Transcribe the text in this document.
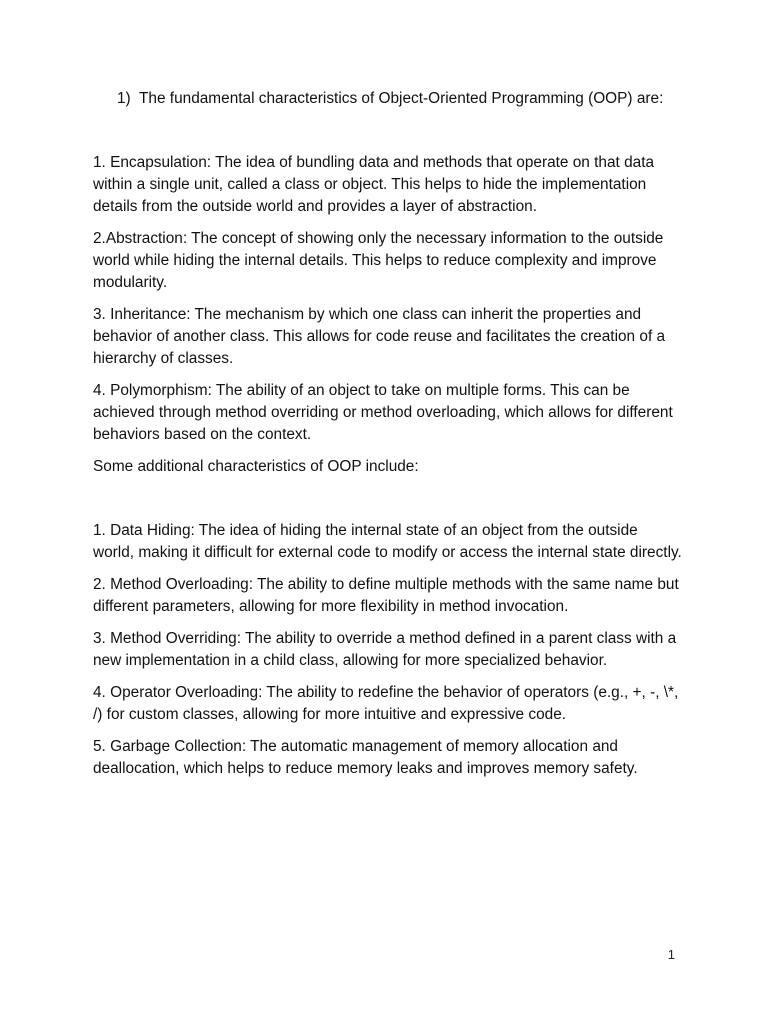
1) The fundamental characteristics of Object-Oriented Programming (OOP) are:

1. Encapsulation: The idea of bundling data and methods that operate on that data within a single unit, called a class or object. This helps to hide the implementation details from the outside world and provides a layer of abstraction.

2.Abstraction: The concept of showing only the necessary information to the outside world while hiding the internal details. This helps to reduce complexity and improve modularity.

3. Inheritance: The mechanism by which one class can inherit the properties and behavior of another class. This allows for code reuse and facilitates the creation of a hierarchy of classes.

4. Polymorphism: The ability of an object to take on multiple forms. This can be achieved through method overriding or method overloading, which allows for different behaviors based on the context.

Some additional characteristics of OOP include:

1. Data Hiding: The idea of hiding the internal state of an object from the outside world, making it difficult for external code to modify or access the internal state directly.

2. Method Overloading: The ability to define multiple methods with the same name but different parameters, allowing for more flexibility in method invocation.

3. Method Overriding: The ability to override a method defined in a parent class with a new implementation in a child class, allowing for more specialized behavior.

4. Operator Overloading: The ability to redefine the behavior of operators (e.g., +, -, \*, /) for custom classes, allowing for more intuitive and expressive code.

5. Garbage Collection: The automatic management of memory allocation and deallocation, which helps to reduce memory leaks and improves memory safety.

1
